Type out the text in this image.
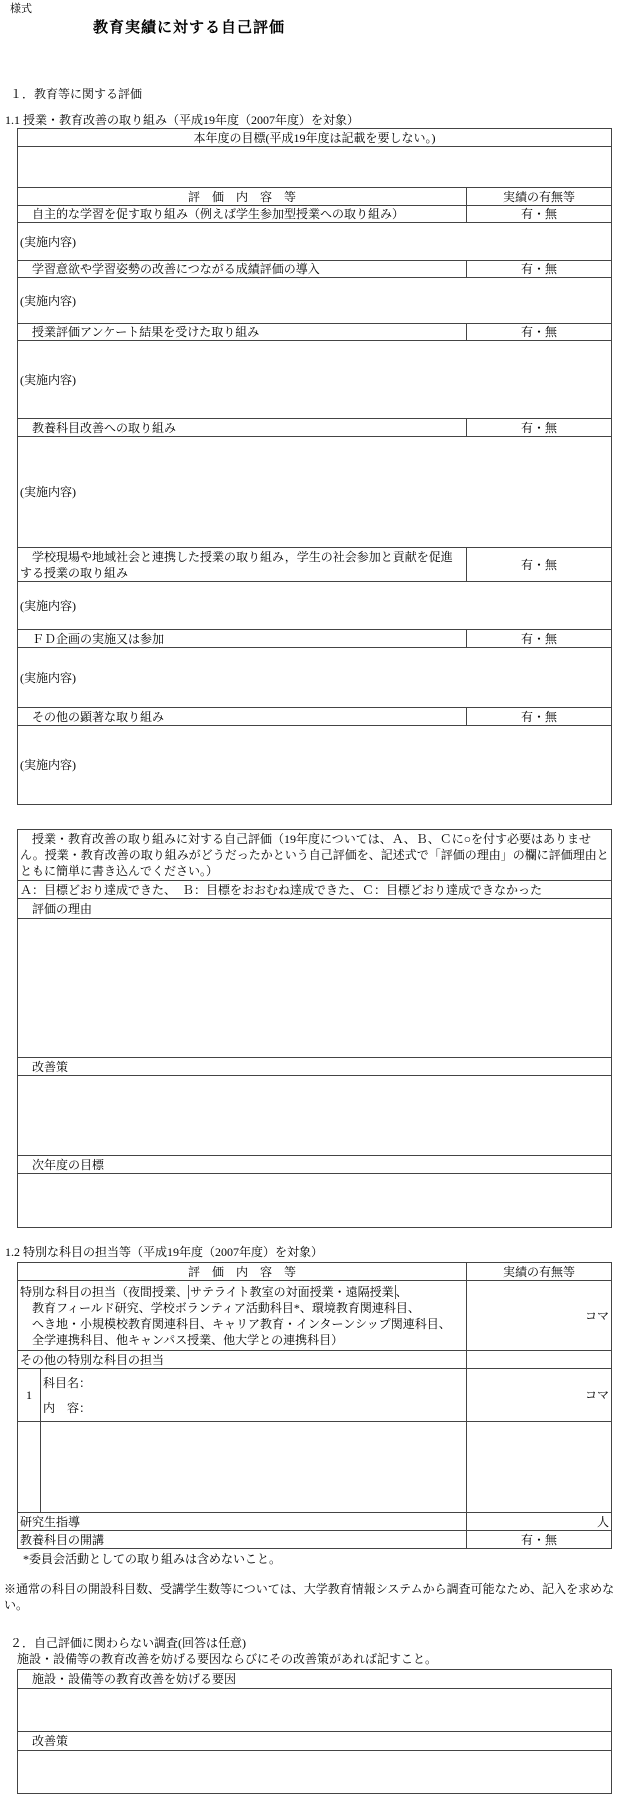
様式
教育実績に対する自己評価
１．教育等に関する評価
1.1 授業・教育改善の取り組み（平成19年度（2007年度）を対象）
本年度の目標(平成19年度は記載を要しない。)	

評　価　内　容　等	実績の有無等
自主的な学習を促す取り組み（例えば学生参加型授業への取り組み）	有・無
(実施内容)	
学習意欲や学習姿勢の改善につながる成績評価の導入	有・無
(実施内容)	
授業評価アンケート結果を受けた取り組み	有・無
(実施内容)	
教養科目改善への取り組み	有・無
(実施内容)	
学校現場や地域社会と連携した授業の取り組み，学生の社会参加と貢献を促進する授業の取り組み	有・無
(実施内容)	
ＦＤ企画の実施又は参加	有・無
(実施内容)	
その他の顕著な取り組み	有・無
(実施内容)	
授業・教育改善の取り組みに対する自己評価（19年度については、Ａ、Ｂ、Ｃに○を付す必要はありません。授業・教育改善の取り組みがどうだったかという自己評価を、記述式で「評価の理由」の欄に評価理由とともに簡単に書き込んでください。）
Ａ：目標どおり達成できた、　Ｂ：目標をおおむね達成できた、Ｃ：目標どおり達成できなかった
評価の理由

改善策

次年度の目標

1.2 特別な科目の担当等（平成19年度（2007年度）を対象）
評　価　内　容　等		実績の有無等

特別な科目の担当（夜間授業、 サテライト教室の対面授業・遠隔授業 、
　教育フィールド研究、学校ボランティア活動科目*、環境教育関連科目、
　へき地・小規模校教育関連科目、キャリア教育・インターンシップ関連科目、
　全学連携科目、他キャンパス授業、他大学との連携科目）		コマ
その他の特別な科目の担当		
1	科目名：
内　容：	コマ

研究生指導		人
教養科目の開講		有・無
*委員会活動としての取り組みは含めないこと。
※通常の科目の開設科目数、受講学生数等については、大学教育情報システムから調査可能なため、記入を求めない。
２．自己評価に関わらない調査(回答は任意)
施設・設備等の教育改善を妨げる要因ならびにその改善策があれば記すこと。
施設・設備等の教育改善を妨げる要因

改善策
